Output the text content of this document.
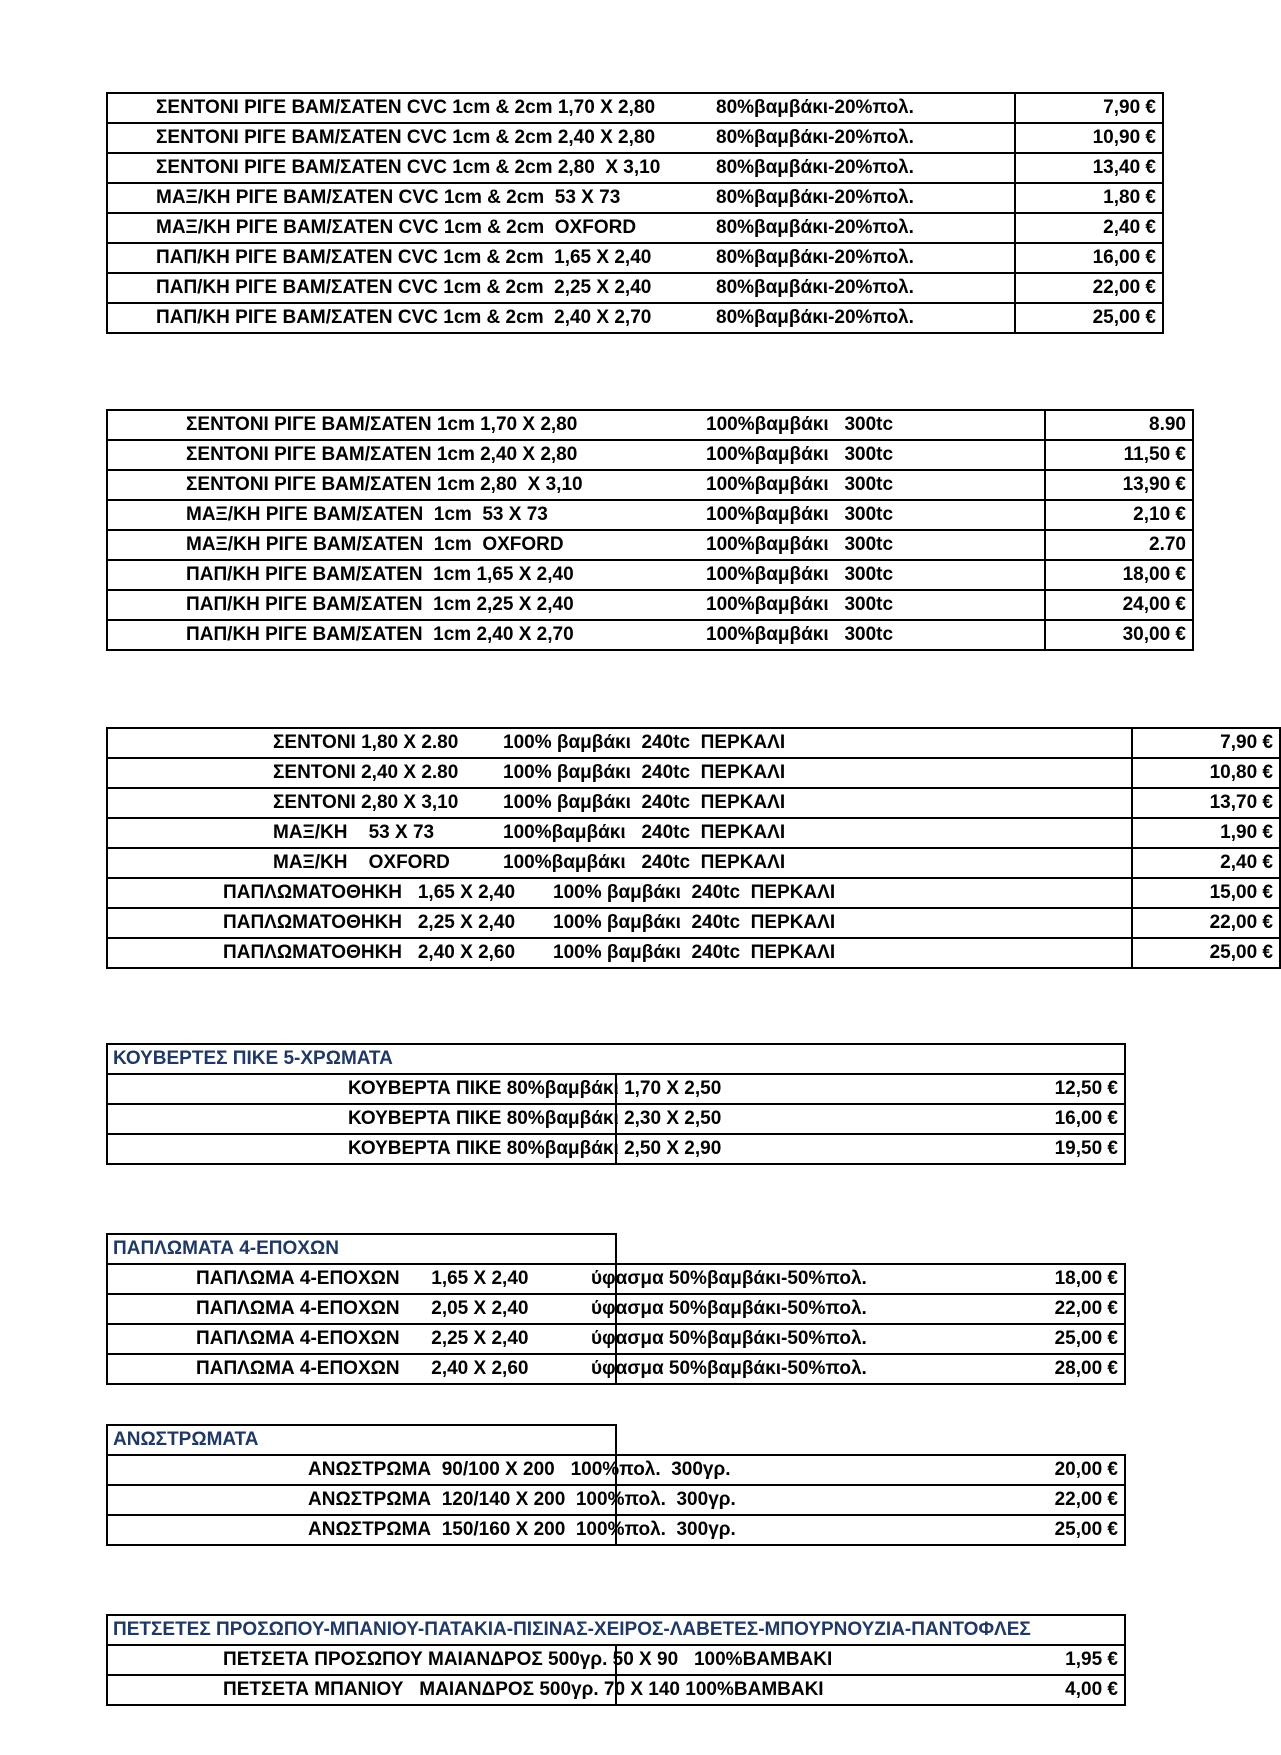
ΣΕΝΤΟΝΙ ΡΙΓΕ ΒΑΜ/ΣΑΤΕΝ CVC 1cm & 2cm 1,70 Χ 2,80 80%βαμβάκι-20%πολ.	7,90 €
ΣΕΝΤΟΝΙ ΡΙΓΕ ΒΑΜ/ΣΑΤΕΝ CVC 1cm & 2cm 2,40 Χ 2,80 80%βαμβάκι-20%πολ.	10,90 €
ΣΕΝΤΟΝΙ ΡΙΓΕ ΒΑΜ/ΣΑΤΕΝ CVC 1cm & 2cm 2,80  Χ 3,10 80%βαμβάκι-20%πολ.	13,40 €
ΜΑΞ/ΚΗ ΡΙΓΕ ΒΑΜ/ΣΑΤΕΝ CVC 1cm & 2cm  53 Χ 73 80%βαμβάκι-20%πολ.	1,80 €
ΜΑΞ/ΚΗ ΡΙΓΕ ΒΑΜ/ΣΑΤΕΝ CVC 1cm & 2cm  OXFORD 80%βαμβάκι-20%πολ.	2,40 €
ΠΑΠ/ΚΗ ΡΙΓΕ ΒΑΜ/ΣΑΤΕΝ CVC 1cm & 2cm  1,65 Χ 2,40 80%βαμβάκι-20%πολ.	16,00 €
ΠΑΠ/ΚΗ ΡΙΓΕ ΒΑΜ/ΣΑΤΕΝ CVC 1cm & 2cm  2,25 Χ 2,40 80%βαμβάκι-20%πολ.	22,00 €
ΠΑΠ/ΚΗ ΡΙΓΕ ΒΑΜ/ΣΑΤΕΝ CVC 1cm & 2cm  2,40 Χ 2,70 80%βαμβάκι-20%πολ.	25,00 €
ΣΕΝΤΟΝΙ ΡΙΓΕ ΒΑΜ/ΣΑΤΕΝ 1cm 1,70 Χ 2,80 100%βαμβάκι   300tc	8.90
ΣΕΝΤΟΝΙ ΡΙΓΕ ΒΑΜ/ΣΑΤΕΝ 1cm 2,40 Χ 2,80 100%βαμβάκι   300tc	11,50 €
ΣΕΝΤΟΝΙ ΡΙΓΕ ΒΑΜ/ΣΑΤΕΝ 1cm 2,80  Χ 3,10 100%βαμβάκι   300tc	13,90 €
ΜΑΞ/ΚΗ ΡΙΓΕ ΒΑΜ/ΣΑΤΕΝ  1cm  53 Χ 73 100%βαμβάκι   300tc	2,10 €
ΜΑΞ/ΚΗ ΡΙΓΕ ΒΑΜ/ΣΑΤΕΝ  1cm  OXFORD 100%βαμβάκι   300tc	2.70
ΠΑΠ/ΚΗ ΡΙΓΕ ΒΑΜ/ΣΑΤΕΝ  1cm 1,65 Χ 2,40 100%βαμβάκι   300tc	18,00 €
ΠΑΠ/ΚΗ ΡΙΓΕ ΒΑΜ/ΣΑΤΕΝ  1cm 2,25 Χ 2,40 100%βαμβάκι   300tc	24,00 €
ΠΑΠ/ΚΗ ΡΙΓΕ ΒΑΜ/ΣΑΤΕΝ  1cm 2,40 Χ 2,70 100%βαμβάκι   300tc	30,00 €
ΣΕΝΤΟΝΙ 1,80 Χ 2.80 100% βαμβάκι  240tc  ΠΕΡΚΑΛΙ	7,90 €
ΣΕΝΤΟΝΙ 2,40 Χ 2.80 100% βαμβάκι  240tc  ΠΕΡΚΑΛΙ	10,80 €
ΣΕΝΤΟΝΙ 2,80 Χ 3,10 100% βαμβάκι  240tc  ΠΕΡΚΑΛΙ	13,70 €
ΜΑΞ/ΚΗ    53 Χ 73 100%βαμβάκι   240tc  ΠΕΡΚΑΛΙ	1,90 €
ΜΑΞ/ΚΗ    OXFORD 100%βαμβάκι   240tc  ΠΕΡΚΑΛΙ	2,40 €
ΠΑΠΛΩΜΑΤΟΘΗΚΗ   1,65 Χ 2,40 100% βαμβάκι  240tc  ΠΕΡΚΑΛΙ	15,00 €
ΠΑΠΛΩΜΑΤΟΘΗΚΗ   2,25 Χ 2,40 100% βαμβάκι  240tc  ΠΕΡΚΑΛΙ	22,00 €
ΠΑΠΛΩΜΑΤΟΘΗΚΗ   2,40 Χ 2,60 100% βαμβάκι  240tc  ΠΕΡΚΑΛΙ	25,00 €
ΚΟΥΒΕΡΤΕΣ ΠΙΚΕ 5-ΧΡΩΜΑΤΑ	
ΚΟΥΒΕΡΤΑ ΠΙΚΕ 80%βαμβάκι 1,70 Χ 2,50	12,50 €
ΚΟΥΒΕΡΤΑ ΠΙΚΕ 80%βαμβάκι 2,30 Χ 2,50	16,00 €
ΚΟΥΒΕΡΤΑ ΠΙΚΕ 80%βαμβάκι 2,50 Χ 2,90	19,50 €
ΠΑΠΛΩΜΑΤΑ 4-ΕΠΟΧΩΝ	
ΠΑΠΛΩΜΑ 4-ΕΠΟΧΩΝ      1,65 Χ 2,40 ύφασμα 50%βαμβάκι-50%πολ.	18,00 €
ΠΑΠΛΩΜΑ 4-ΕΠΟΧΩΝ      2,05 Χ 2,40 ύφασμα 50%βαμβάκι-50%πολ.	22,00 €
ΠΑΠΛΩΜΑ 4-ΕΠΟΧΩΝ      2,25 Χ 2,40 ύφασμα 50%βαμβάκι-50%πολ.	25,00 €
ΠΑΠΛΩΜΑ 4-ΕΠΟΧΩΝ      2,40 Χ 2,60 ύφασμα 50%βαμβάκι-50%πολ.	28,00 €
ΑΝΩΣΤΡΩΜΑΤΑ	
ΑΝΩΣΤΡΩΜΑ  90/100 Χ 200   100%πολ.  300γρ.	20,00 €
ΑΝΩΣΤΡΩΜΑ  120/140 Χ 200  100%πολ.  300γρ.	22,00 €
ΑΝΩΣΤΡΩΜΑ  150/160 Χ 200  100%πολ.  300γρ.	25,00 €
ΠΕΤΣΕΤΕΣ ΠΡΟΣΩΠΟΥ-ΜΠΑΝΙΟΥ-ΠΑΤΑΚΙΑ-ΠΙΣΙΝΑΣ-ΧΕΙΡΟΣ-ΛΑΒΕΤΕΣ-ΜΠΟΥΡΝΟΥΖΙΑ-ΠΑΝΤΟΦΛΕΣ	
ΠΕΤΣΕΤΑ ΠΡΟΣΩΠΟΥ ΜΑΙΑΝΔΡΟΣ 500γρ. 50 Χ 90   100%ΒΑΜΒΑΚΙ	1,95 €
ΠΕΤΣΕΤΑ ΜΠΑΝΙΟΥ   ΜΑΙΑΝΔΡΟΣ 500γρ. 70 Χ 140 100%ΒΑΜΒΑΚΙ	4,00 €
